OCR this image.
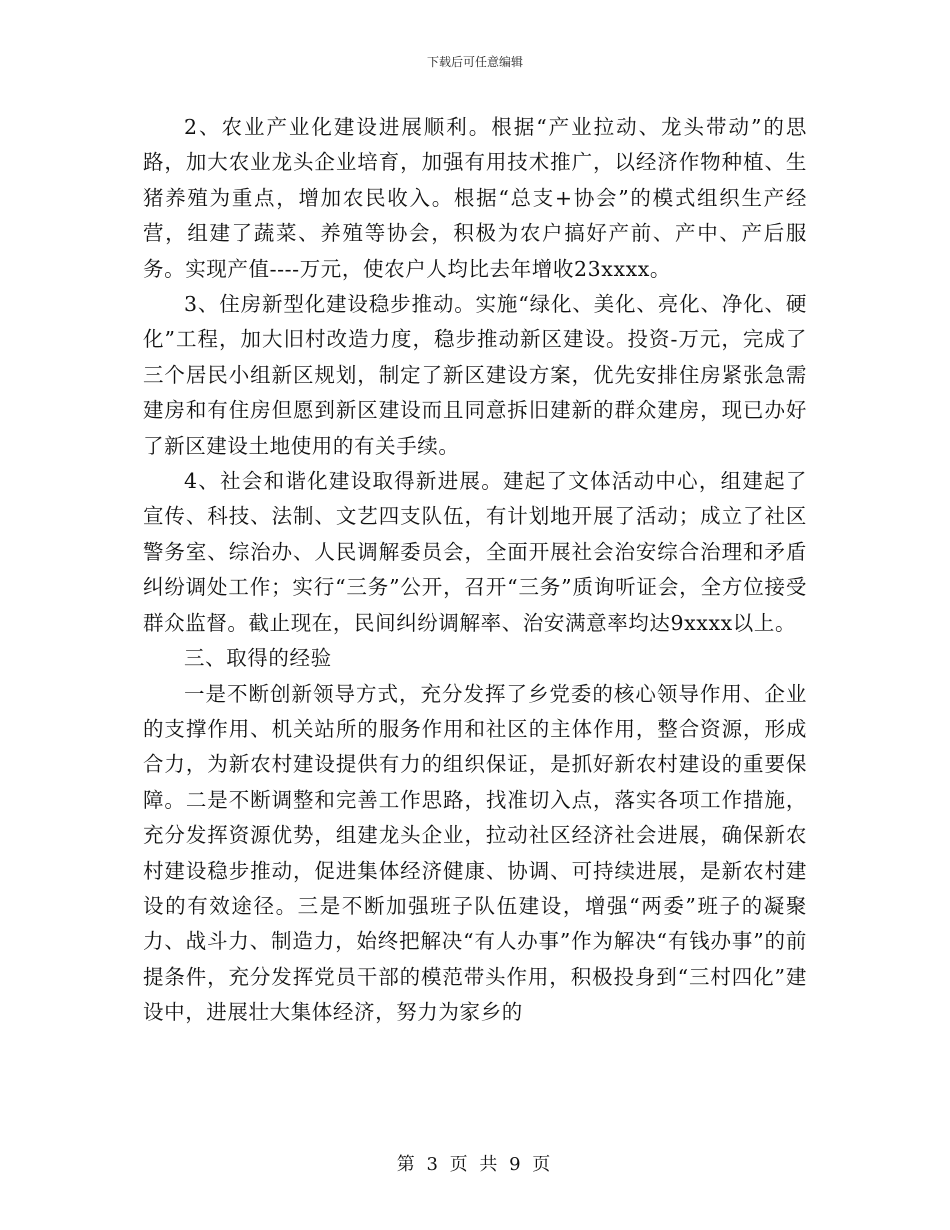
下载后可任意编辑

2、农业产业化建设进展顺利。根据“产业拉动、龙头带动”的思路，加大农业龙头企业培育，加强有用技术推广，以经济作物种植、生猪养殖为重点，增加农民收入。根据“总支+协会”的模式组织生产经营，组建了蔬菜、养殖等协会，积极为农户搞好产前、产中、产后服务。实现产值----万元，使农户人均比去年增收23xxxx。

3、住房新型化建设稳步推动。实施“绿化、美化、亮化、净化、硬化”工程，加大旧村改造力度，稳步推动新区建设。投资-万元，完成了三个居民小组新区规划，制定了新区建设方案，优先安排住房紧张急需建房和有住房但愿到新区建设而且同意拆旧建新的群众建房，现已办好了新区建设土地使用的有关手续。

4、社会和谐化建设取得新进展。建起了文体活动中心，组建起了宣传、科技、法制、文艺四支队伍，有计划地开展了活动；成立了社区警务室、综治办、人民调解委员会，全面开展社会治安综合治理和矛盾纠纷调处工作；实行“三务”公开，召开“三务”质询听证会，全方位接受群众监督。截止现在，民间纠纷调解率、治安满意率均达9xxxx以上。

三、取得的经验

一是不断创新领导方式，充分发挥了乡党委的核心领导作用、企业的支撑作用、机关站所的服务作用和社区的主体作用，整合资源，形成合力，为新农村建设提供有力的组织保证，是抓好新农村建设的重要保障。二是不断调整和完善工作思路，找准切入点，落实各项工作措施，充分发挥资源优势，组建龙头企业，拉动社区经济社会进展，确保新农村建设稳步推动，促进集体经济健康、协调、可持续进展，是新农村建设的有效途径。三是不断加强班子队伍建设，增强“两委”班子的凝聚力、战斗力、制造力，始终把解决“有人办事”作为解决“有钱办事”的前提条件，充分发挥党员干部的模范带头作用，积极投身到“三村四化”建设中，进展壮大集体经济，努力为家乡的

第 3 页 共 9 页
